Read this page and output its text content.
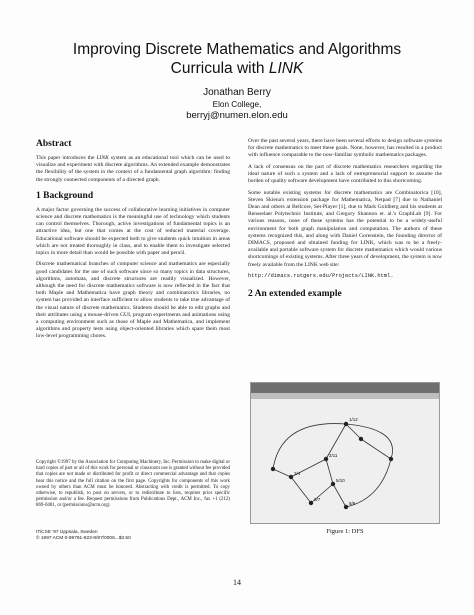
Improving Discrete Mathematics and Algorithms
Curricula with LINK
Jonathan Berry
Elon College,
berryj@numen.elon.edu
Abstract

This paper introduces the LINK system as an educational tool which can be used to visualize and experiment with discrete algorithms. An extended example demonstrates the flexibility of the system in the context of a fundamental graph algorithm: finding the strongly connected components of a directed graph.

1 Background

A major factor governing the success of collaborative learning initiatives in computer science and discrete mathematics is the meaningful use of technology which students can control themselves. Thorough, active investigations of fundamental topics is an attractive idea, but one that comes at the cost of reduced material coverage. Educational software should be expected both to give students quick intuition in areas which are not treated thoroughly in class, and to enable them to investigate selected topics in more detail than would be possible with paper and pencil.

Discrete mathematical branches of computer science and mathematics are especially good candidates for the use of such software since so many topics in data structures, algorithms, automata, and discrete structures are readily visualized. However, although the need for discrete mathematics software is now reflected in the fact that both Maple and Mathematica have graph theory and combinatorics libraries, no system has provided an interface sufficient to allow students to take true advantage of the visual nature of discrete mathematics. Students should be able to edit graphs and their attributes using a mouse-driven GUI, program experiments and animations using a computing environment such as those of Maple and Mathematica, and implement algorithms and property tests using object-oriented libraries which spare them most low-level programming chores.

Copyright ©1997 by the Association for Computing Machinery, Inc. Permission to make digital or hard copies of part or all of this work for personal or classroom use is granted without fee provided that copies are not made or distributed for profit or direct commercial advantage and that copies bear this notice and the full citation on the first page. Copyrights for components of this work owned by others than ACM must be honored. Abstracting with credit is permitted. To copy otherwise, to republish, to post on servers, or to redistribute to lists, requires prior specific permission and/or a fee. Request permissions from Publications Dept., ACM Inc., fax +1 (212) 869-0481, or (permissions@acm.org).

ITiCSE '97 Uppsala, Sweden
© 1997 ACM 0-89791-923-8/97/0006...$3.50

Over the past several years, there have been several efforts to design software systems for discrete mathematics to meet these goals. None, however, has resulted in a product with influence comparable to the now-familiar symbolic mathematics packages.

A lack of consensus on the part of discrete mathematics researchers regarding the ideal nature of such a system and a lack of entrepreneurial support to assume the burden of quality software development have contributed to this shortcoming.

Some notable existing systems for discrete mathematics are Combinatorica [10], Steven Skiena's extension package for Mathematica, Netpad [7] due to Nathaniel Dean and others at Bellcore, Set-Player [1], due to Mark Goldberg and his students at Rensselaer Polytechnic Institute, and Gregory Shannon et. al.'s GraphLab [9]. For various reasons, none of these systems has the potential to be a widely-useful environment for both graph manipulation and computation. The authors of these systems recognized this, and along with Daniel Gorenstein, the founding director of DIMACS, proposed and obtained funding for LINK, which was to be a freely-available and portable software system for discrete mathematics which would various shortcomings of existing systems. After three years of development, the system is now freely available from the LINK web site:

http://dimacs.rutgers.edu/Projects/LINK.html.
2 An extended example
1/12
2/11
3/4
5/10
6/7
8/9
Figure 1: DFS
14
